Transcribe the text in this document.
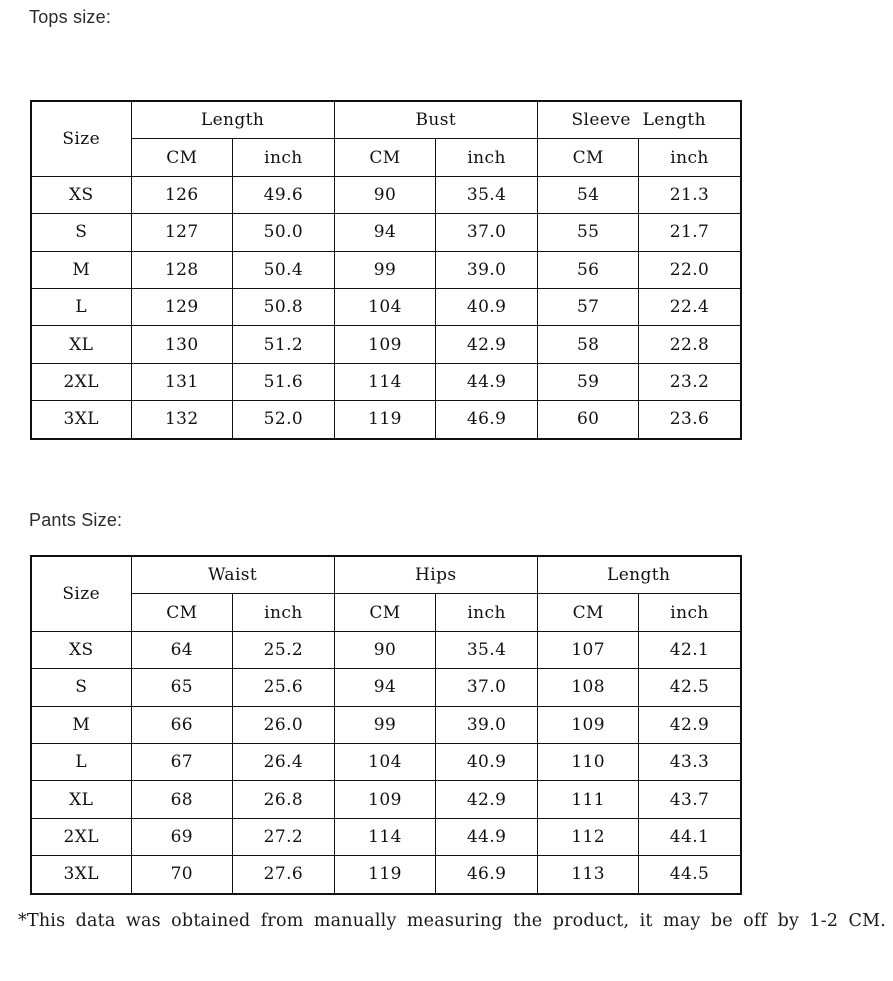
Tops size:
Size	Length		Bust		Sleeve Length	
	CM	inch	CM	inch	CM	inch
XS	126	49.6	90	35.4	54	21.3
S	127	50.0	94	37.0	55	21.7
M	128	50.4	99	39.0	56	22.0
L	129	50.8	104	40.9	57	22.4
XL	130	51.2	109	42.9	58	22.8
2XL	131	51.6	114	44.9	59	23.2
3XL	132	52.0	119	46.9	60	23.6
Pants Size:
Size	Waist		Hips		Length	
	CM	inch	CM	inch	CM	inch
XS	64	25.2	90	35.4	107	42.1
S	65	25.6	94	37.0	108	42.5
M	66	26.0	99	39.0	109	42.9
L	67	26.4	104	40.9	110	43.3
XL	68	26.8	109	42.9	111	43.7
2XL	69	27.2	114	44.9	112	44.1
3XL	70	27.6	119	46.9	113	44.5

*This data was obtained from manually measuring the product, it may be off by 1-2 CM.
